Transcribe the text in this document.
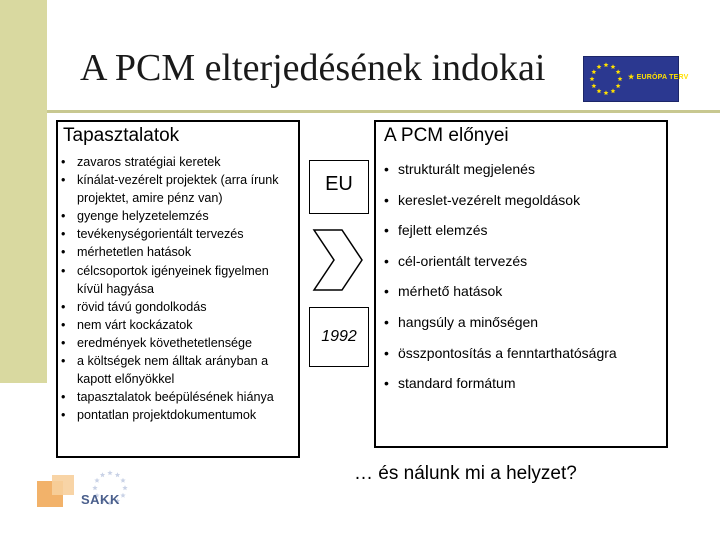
A PCM elterjedésének indokai	★ EURÓPA TERV
Tapasztalatok
• zavaros stratégiai keretek
• kínálat-vezérelt projektek (arra írunk projektet, amire pénz van)
• gyenge helyzetelemzés
• tevékenységorientált tervezés
• mérhetetlen hatások
• célcsoportok igényeinek figyelmen kívül hagyása
• rövid távú gondolkodás
• nem várt kockázatok
• eredmények követhetetlensége
• a költségek nem álltak arányban a kapott előnyökkel
• tapasztalatok beépülésének hiánya
• pontatlan projektdokumentumok
A PCM előnyei
• strukturált megjelenés
• kereslet-vezérelt megoldások
• fejlett elemzés
• cél-orientált tervezés
• mérhető hatások
• hangsúly a minőségen
• összpontosítás a fenntarthatóságra
• standard formátum
EU
1992
… és nálunk mi a helyzet?
SAKK
